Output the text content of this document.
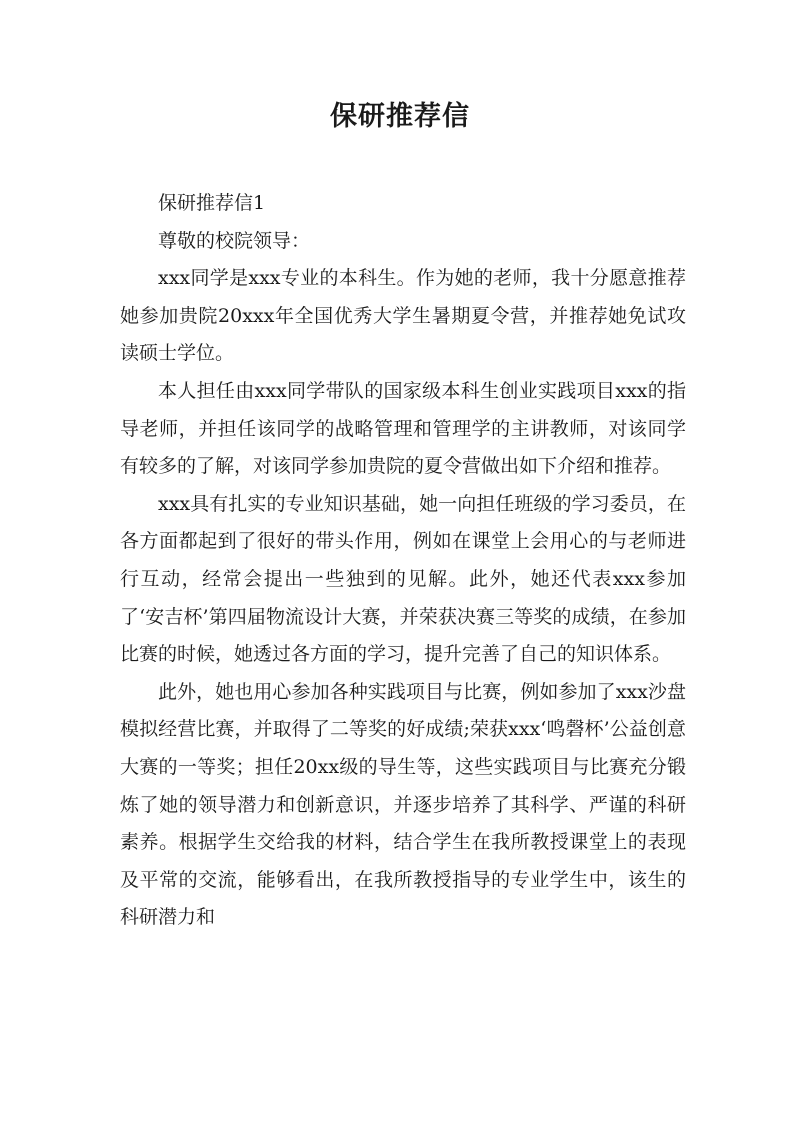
保研推荐信

保研推荐信1

尊敬的校院领导：

xxx同学是xxx专业的本科生。作为她的老师，我十分愿意推荐她参加贵院20xxx年全国优秀大学生暑期夏令营，并推荐她免试攻读硕士学位。

本人担任由xxx同学带队的国家级本科生创业实践项目xxx的指导老师，并担任该同学的战略管理和管理学的主讲教师，对该同学有较多的了解，对该同学参加贵院的夏令营做出如下介绍和推荐。

xxx具有扎实的专业知识基础，她一向担任班级的学习委员，在各方面都起到了很好的带头作用，例如在课堂上会用心的与老师进行互动，经常会提出一些独到的见解。此外，她还代表xxx参加了‘安吉杯’第四届物流设计大赛，并荣获决赛三等奖的成绩，在参加比赛的时候，她透过各方面的学习，提升完善了自己的知识体系。

此外，她也用心参加各种实践项目与比赛，例如参加了xxx沙盘模拟经营比赛，并取得了二等奖的好成绩;荣获xxx‘鸣磬杯’公益创意大赛的一等奖；担任20xx级的导生等，这些实践项目与比赛充分锻炼了她的领导潜力和创新意识，并逐步培养了其科学、严谨的科研素养。根据学生交给我的材料，结合学生在我所教授课堂上的表现及平常的交流，能够看出，在我所教授指导的专业学生中，该生的科研潜力和
